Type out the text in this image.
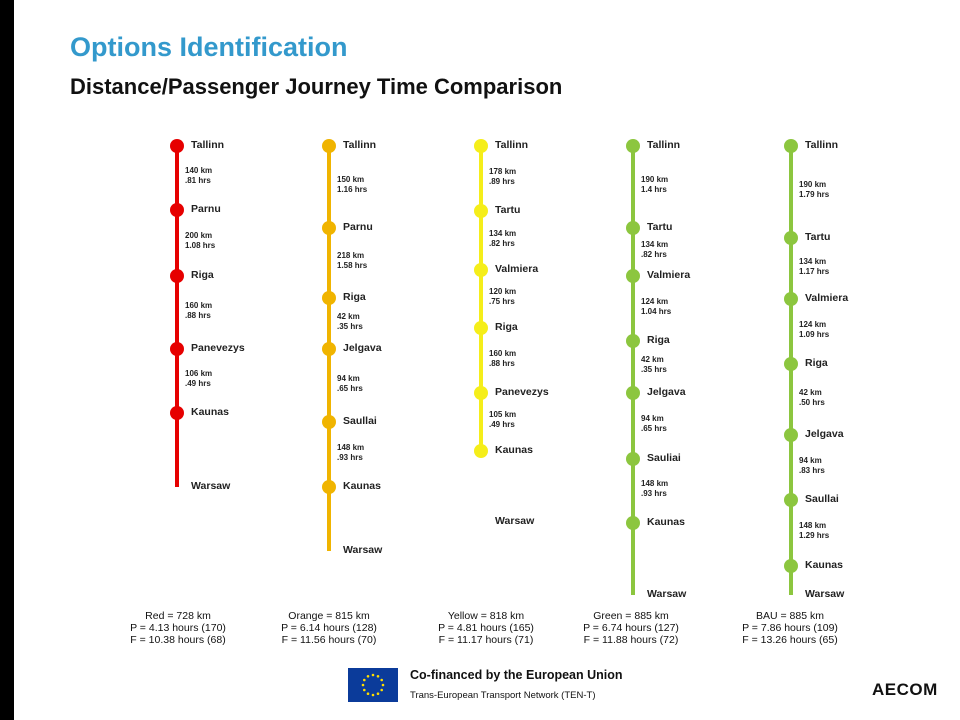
Options Identification
Distance/Passenger Journey Time Comparison
Tallinn
Parnu
Riga
Panevezys
Kaunas
Warsaw
140 km
.81 hrs
200 km
1.08 hrs
160 km
.88 hrs
106 km
.49 hrs
Red = 728 km
P = 4.13 hours (170)
F = 10.38 hours (68)
Tallinn
Parnu
Riga
Jelgava
Saullai
Kaunas
Warsaw
150 km
1.16 hrs
218 km
1.58 hrs
42 km
.35 hrs
94 km
.65 hrs
148 km
.93 hrs
Orange = 815 km
P = 6.14 hours (128)
F = 11.56 hours (70)
Tallinn
Tartu
Valmiera
Riga
Panevezys
Kaunas
Warsaw
178 km
.89 hrs
134 km
.82 hrs
120 km
.75 hrs
160 km
.88 hrs
105 km
.49 hrs
Yellow = 818 km
P = 4.81 hours (165)
F = 11.17 hours (71)
Tallinn
Tartu
Valmiera
Riga
Jelgava
Sauliai
Kaunas
Warsaw
190 km
1.4 hrs
134 km
.82 hrs
124 km
1.04 hrs
42 km
.35 hrs
94 km
.65 hrs
148 km
.93 hrs
Green = 885 km
P = 6.74 hours (127)
F = 11.88 hours (72)
Tallinn
Tartu
Valmiera
Riga
Jelgava
Saullai
Kaunas
Warsaw
190 km
1.79 hrs
134 km
1.17 hrs
124 km
1.09 hrs
42 km
.50 hrs
94 km
.83 hrs
148 km
1.29 hrs
BAU = 885 km
P = 7.86 hours (109)
F = 13.26 hours (65)
Co-financed by the European Union
Trans-European Transport Network (TEN-T)	AECOM
